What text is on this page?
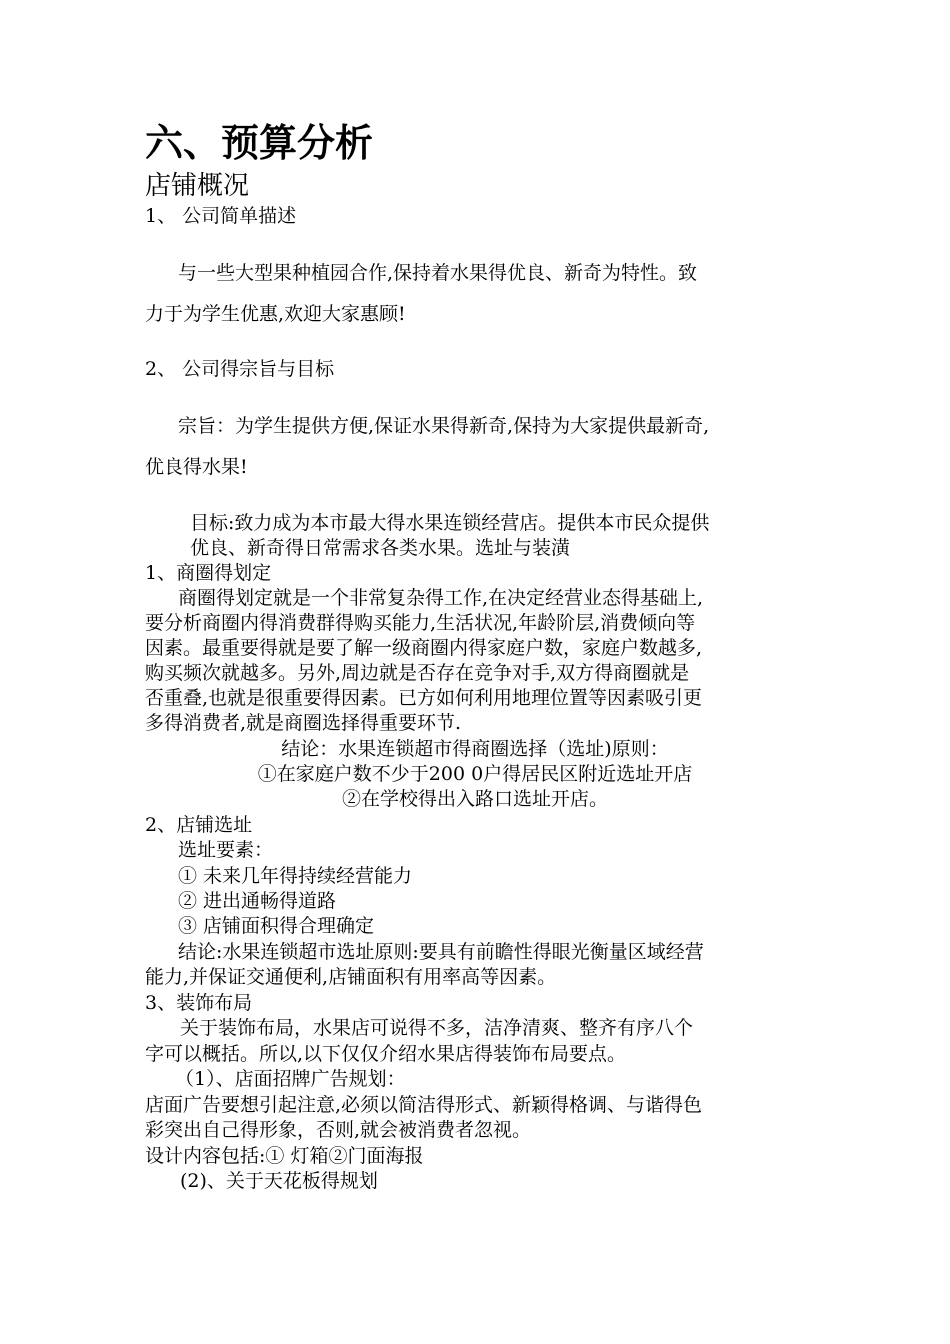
六、预算分析
店铺概况
1、 公司简单描述
与一些大型果种植园合作,保持着水果得优良、新奇为特性。致
力于为学生优惠,欢迎大家惠顾!
2、 公司得宗旨与目标
宗旨：为学生提供方便,保证水果得新奇,保持为大家提供最新奇,
优良得水果!
目标:致力成为本市最大得水果连锁经营店。提供本市民众提供
优良、新奇得日常需求各类水果。选址与装潢
1、商圈得划定
商圈得划定就是一个非常复杂得工作,在决定经营业态得基础上,
要分析商圈内得消费群得购买能力,生活状况,年龄阶层,消费倾向等
因素。最重要得就是要了解一级商圈内得家庭户数，家庭户数越多,
购买频次就越多。另外,周边就是否存在竞争对手,双方得商圈就是
否重叠,也就是很重要得因素。已方如何利用地理位置等因素吸引更
多得消费者,就是商圈选择得重要环节.
结论：水果连锁超市得商圈选择（选址)原则：
①在家庭户数不少于200 0户得居民区附近选址开店
②在学校得出入路口选址开店。
2、店铺选址
选址要素：
① 未来几年得持续经营能力
② 进出通畅得道路
③ 店铺面积得合理确定
结论:水果连锁超市选址原则:要具有前瞻性得眼光衡量区域经营
能力,并保证交通便利,店铺面积有用率高等因素。
3、装饰布局
关于装饰布局，水果店可说得不多，洁净清爽、整齐有序八个
字可以概括。所以,以下仅仅介绍水果店得装饰布局要点。
（1）、店面招牌广告规划：
店面广告要想引起注意,必须以简洁得形式、新颖得格调、与谐得色
彩突出自己得形象，否则,就会被消费者忽视。
设计内容包括:① 灯箱②门面海报
(2)、关于天花板得规划
